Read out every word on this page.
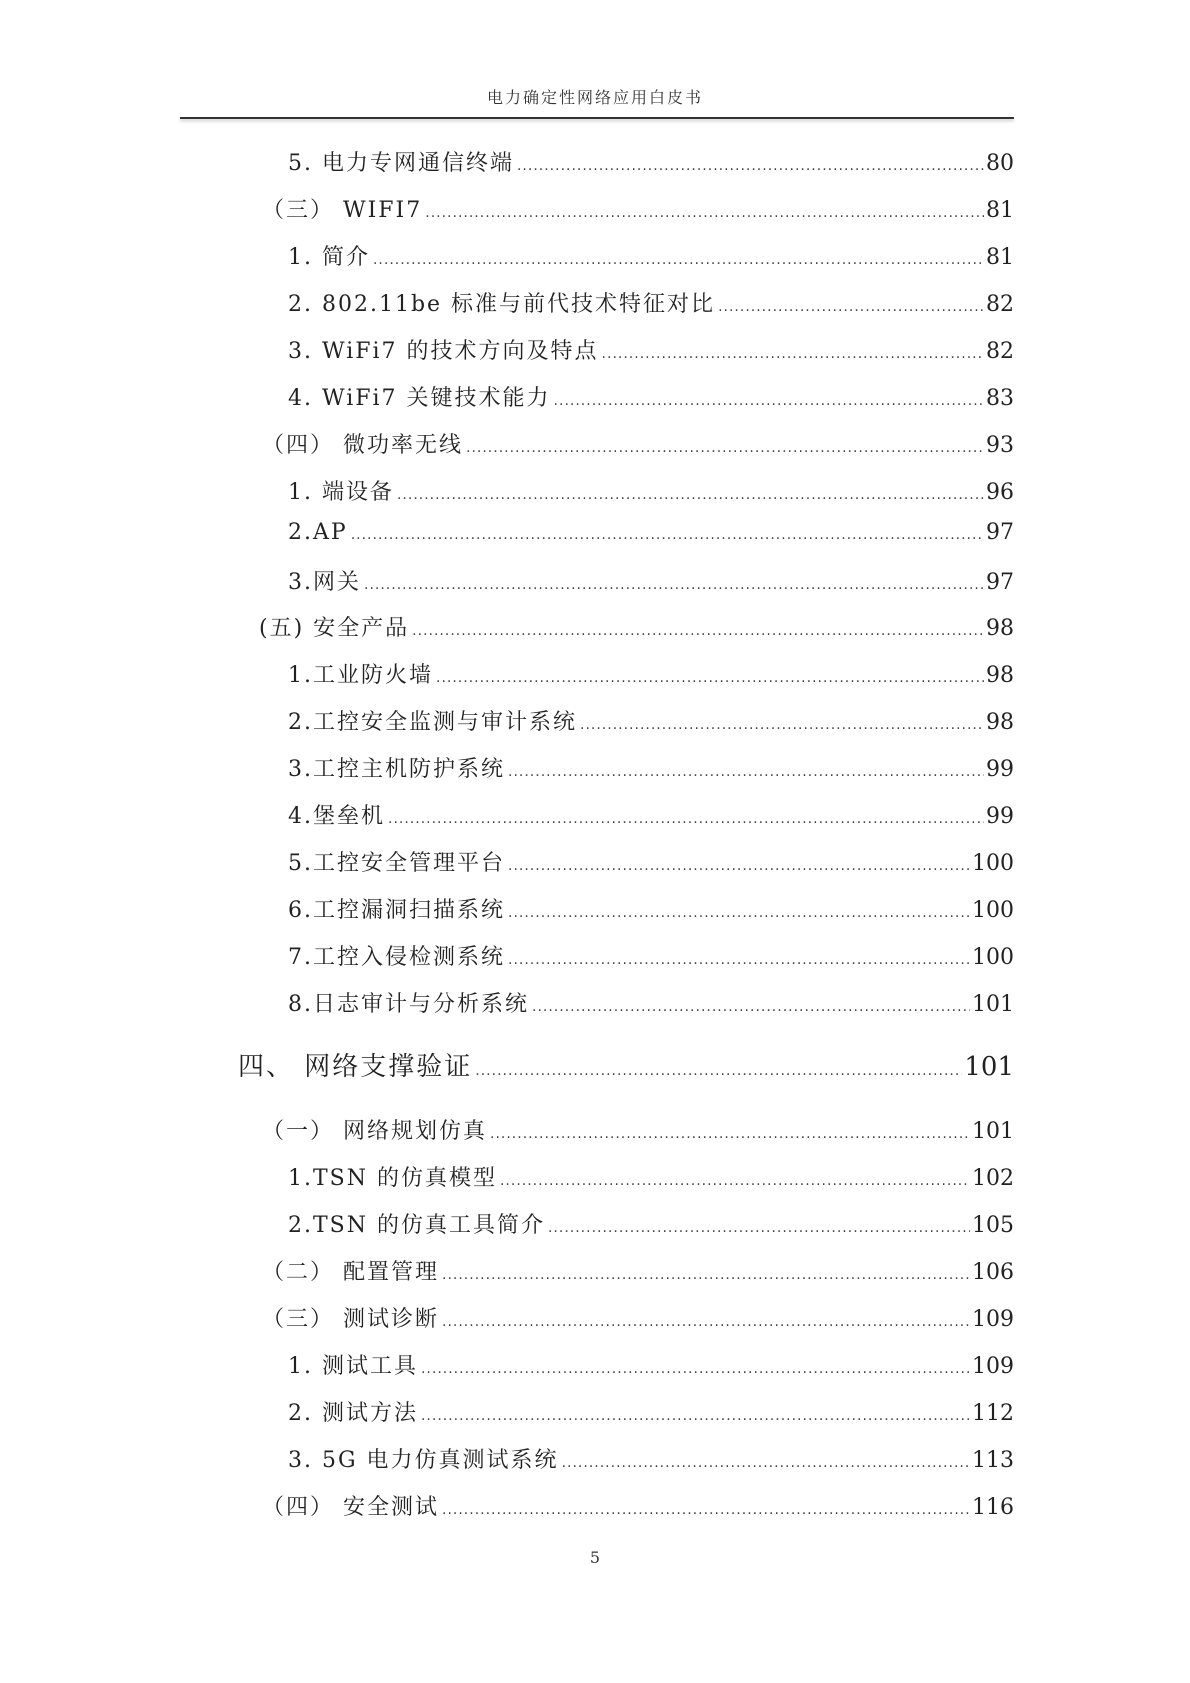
电力确定性网络应用白皮书
5. 电力专网通信终端 .....	80
（三） WIFI7 .....	81
1. 简介 .....	81
2. 802.11be 标准与前代技术特征对比 .....	82
3. WiFi7 的技术方向及特点 .....	82
4. WiFi7 关键技术能力 .....	83
（四） 微功率无线 .....	93
1. 端设备 .....	96
2.AP .....	97
3.网关 .....	97
(五) 安全产品 .....	98
1.工业防火墙 .....	98
2.工控安全监测与审计系统 .....	98
3.工控主机防护系统 .....	99
4.堡垒机 .....	99
5.工控安全管理平台 .....	100
6.工控漏洞扫描系统 .....	100
7.工控入侵检测系统 .....	100
8.日志审计与分析系统 .....	101
四、 网络支撑验证 .....	101
（一） 网络规划仿真 .....	101
1.TSN 的仿真模型 .....	102
2.TSN 的仿真工具简介 .....	105
（二） 配置管理 .....	106
（三） 测试诊断 .....	109
1. 测试工具 .....	109
2. 测试方法 .....	112
3. 5G 电力仿真测试系统 .....	113
（四） 安全测试 .....	116
5
